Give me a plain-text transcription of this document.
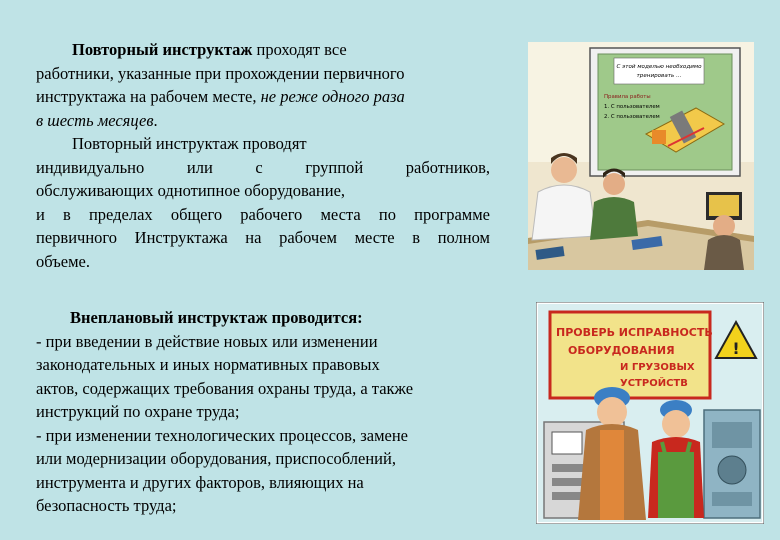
Повторный инструктаж проходят все
работники, указанные при прохождении первичного
инструктажа на рабочем месте, не реже одного раза
в шесть месяцев.
Повторный инструктаж проводят
индивидуально или с группой работников,
обслуживающих однотипное оборудование,
и в пределах общего рабочего места по программе
первичного Инструктажа на рабочем месте в полном
объеме.
Внеплановый инструктаж проводится:
- при введении в действие новых или изменении
законодательных и иных нормативных правовых
актов, содержащих требования охраны труда, а также
инструкций по охране труда;
- при изменении технологических процессов, замене
или модернизации оборудования, приспособлений,
инструмента и других факторов, влияющих на
безопасность труда;
С этой моделью необходимо
тренировать ...
Правила работы
1. С пользователем
2. С пользователем
ПРОВЕРЬ ИСПРАВНОСТЬ
ОБОРУДОВАНИЯ
И ГРУЗОВЫХ
УСТРОЙСТВ
!
